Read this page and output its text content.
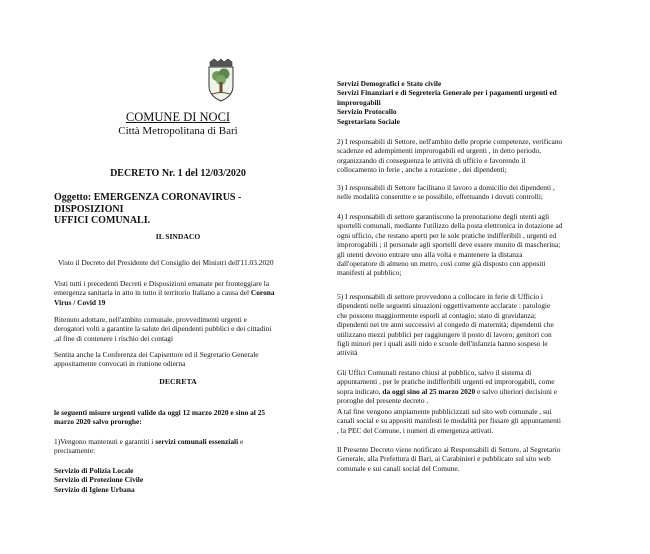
COMUNE DI NOCI
Città Metropolitana di Bari
DECRETO Nr. 1 del 12/03/2020
Oggetto: EMERGENZA CORONAVIRUS - DISPOSIZIONI
UFFICI COMUNALI.
IL SINDACO

Visto il Decreto del Presidente del Consiglio dei Ministri dell'11.03.2020

Visti tutti i precedenti Decreti e Disposizioni emanate per fronteggiare la
emergenza sanitaria in atto in tutto il territorio Italiano a causa del Corona
Virus / Covid 19

Ritenuto adottare, nell'ambito comunale, provvedimenti urgenti e
derogatori volti a garantire la salute dei dipendenti pubblici e dei cittadini
,al fine di contenere i rischio dei contagi

Sentita anche la Conferenza dei Capisettore ed il Segretario Generale
appositamente convocati in riunione odierna

DECRETA

le seguenti misure urgenti valide da oggi 12 marzo 2020 e sino al 25
marzo 2020 salvo proroghe:

1)Vengono mantenuti e garantiti i servizi comunali essenziali e
precisamente:

Servizio di Polizia Locale
Servizio di Protezione Civile
Servizio di Igiene Urbana

Servizi Demografici e Stato civile
Servizi Finanziari e di Segreteria Generale per i pagamenti urgenti ed
improrogabili
Servizio Protocollo
Segretariato Sociale

2) I responsabili di Settore, nell'ambito delle proprie competenze, verificano
scadenze ed adempimenti improrogabili ed urgenti , in detto periodo,
organizzando di conseguenza le attività di ufficio e favorendo il
collocamento in ferie , anche a rotazione , dei dipendenti;

3) I responsabili di Settore facilitano il lavoro a domicilio dei dipendenti ,
nelle modalità consentite e se possibile, effettuando i dovuti controlli;

4) I responsabili di settore garantiscono la prenotazione degli utenti agli
sportelli comunali, mediante l'utilizzo della posta elettronica in dotazione ad
ogni ufficio, che restano aperti per le sole pratiche indifferibili , urgenti ed
improrogabili ; il personale agli sportelli deve essere munito di mascherina;
gli utenti devono entrare uno alla volta e mantenere la distanza
dall'operatore di almeno un metro, così come già disposto con appositi
manifesti al pubblico;

5) I responsabili di settore provvedono a collocare in ferie di Ufficio i
dipendenti nelle seguenti situazioni oggettivamente acclarate : patologie
che possono maggiormente esporli al contagio; stato di gravidanza;
dipendenti nei tre anni successivi al congedo di maternità; dipendenti che
utilizzano mezzi pubblici per raggiungere il posto di lavoro; genitori con
figli minori per i quali asili nido e scuole dell'infanzia hanno sospeso le
attività

Gli Uffici Comunali restano chiusi al pubblico, salvo il sistema di
appuntamenti , per le pratiche indifferibili urgenti ed improrogabili, come
sopra indicato, da oggi sino al 25 marzo 2020 e salvo ulteriori decisioni e
proroghe del presente decreto .

A tal fine vengono ampiamente pubblicizzati sul sito web comunale , sui
canali social e su appositi manifesti le modalità per fissare gli appuntamenti
, la PEC del Comune, i numeri di emergenza attivati.

Il Presente Decreto viene notificato ai Responsabili di Settore, al Segretario
Generale, alla Prefettura di Bari, ai Carabinieri e pubblicato sul sito web
comunale e sui canali social del Comune.
